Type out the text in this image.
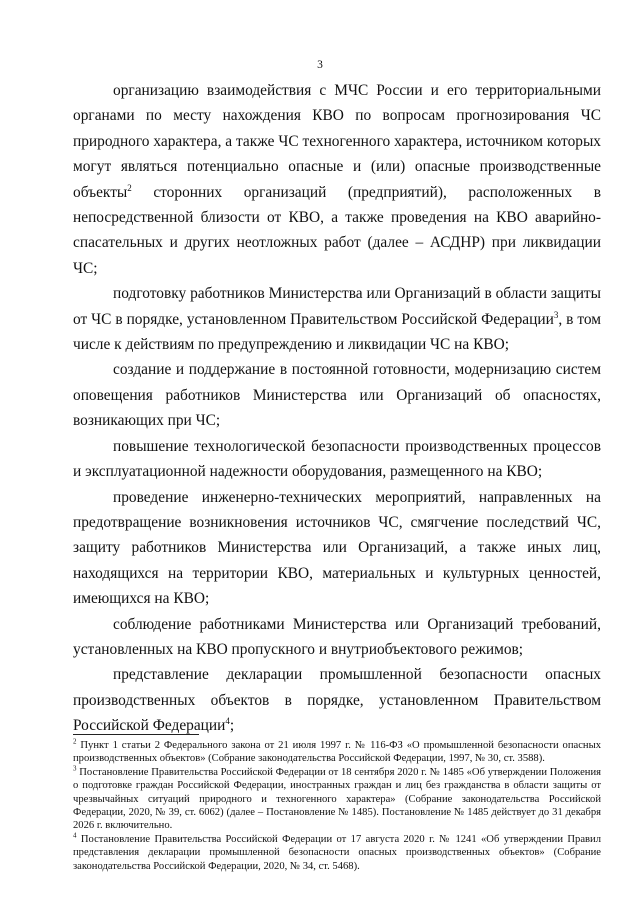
3

организацию взаимодействия с МЧС России и его территориальными органами по месту нахождения КВО по вопросам прогнозирования ЧС природного характера, а также ЧС техногенного характера, источником которых могут являться потенциально опасные и (или) опасные производственные объекты$^2$ сторонних организаций (предприятий), расположенных в непосредственной близости от КВО, а также проведения на КВО аварийно-спасательных и других неотложных работ (далее – АСДНР) при ликвидации ЧС;

подготовку работников Министерства или Организаций в области защиты от ЧС в порядке, установленном Правительством Российской Федерации$^3$, в том числе к действиям по предупреждению и ликвидации ЧС на КВО;

создание и поддержание в постоянной готовности, модернизацию систем оповещения работников Министерства или Организаций об опасностях, возникающих при ЧС;

повышение технологической безопасности производственных процессов и эксплуатационной надежности оборудования, размещенного на КВО;

проведение инженерно-технических мероприятий, направленных на предотвращение возникновения источников ЧС, смягчение последствий ЧС, защиту работников Министерства или Организаций, а также иных лиц, находящихся на территории КВО, материальных и культурных ценностей, имеющихся на КВО;

соблюдение работниками Министерства или Организаций требований, установленных на КВО пропускного и внутриобъектового режимов;

представление декларации промышленной безопасности опасных производственных объектов в порядке, установленном Правительством Российской Федерации$^4$;

$^2$ Пункт 1 статьи 2 Федерального закона от 21 июля 1997 г. № 116-ФЗ «О промышленной безопасности опасных производственных объектов» (Собрание законодательства Российской Федерации, 1997, № 30, ст. 3588).

$^3$ Постановление Правительства Российской Федерации от 18 сентября 2020 г. № 1485 «Об утверждении Положения о подготовке граждан Российской Федерации, иностранных граждан и лиц без гражданства в области защиты от чрезвычайных ситуаций природного и техногенного характера» (Собрание законодательства Российской Федерации, 2020, № 39, ст. 6062) (далее – Постановление № 1485). Постановление № 1485 действует до 31 декабря 2026 г. включительно.

$^4$ Постановление Правительства Российской Федерации от 17 августа 2020 г. № 1241 «Об утверждении Правил представления декларации промышленной безопасности опасных производственных объектов» (Собрание законодательства Российской Федерации, 2020, № 34, ст. 5468).
